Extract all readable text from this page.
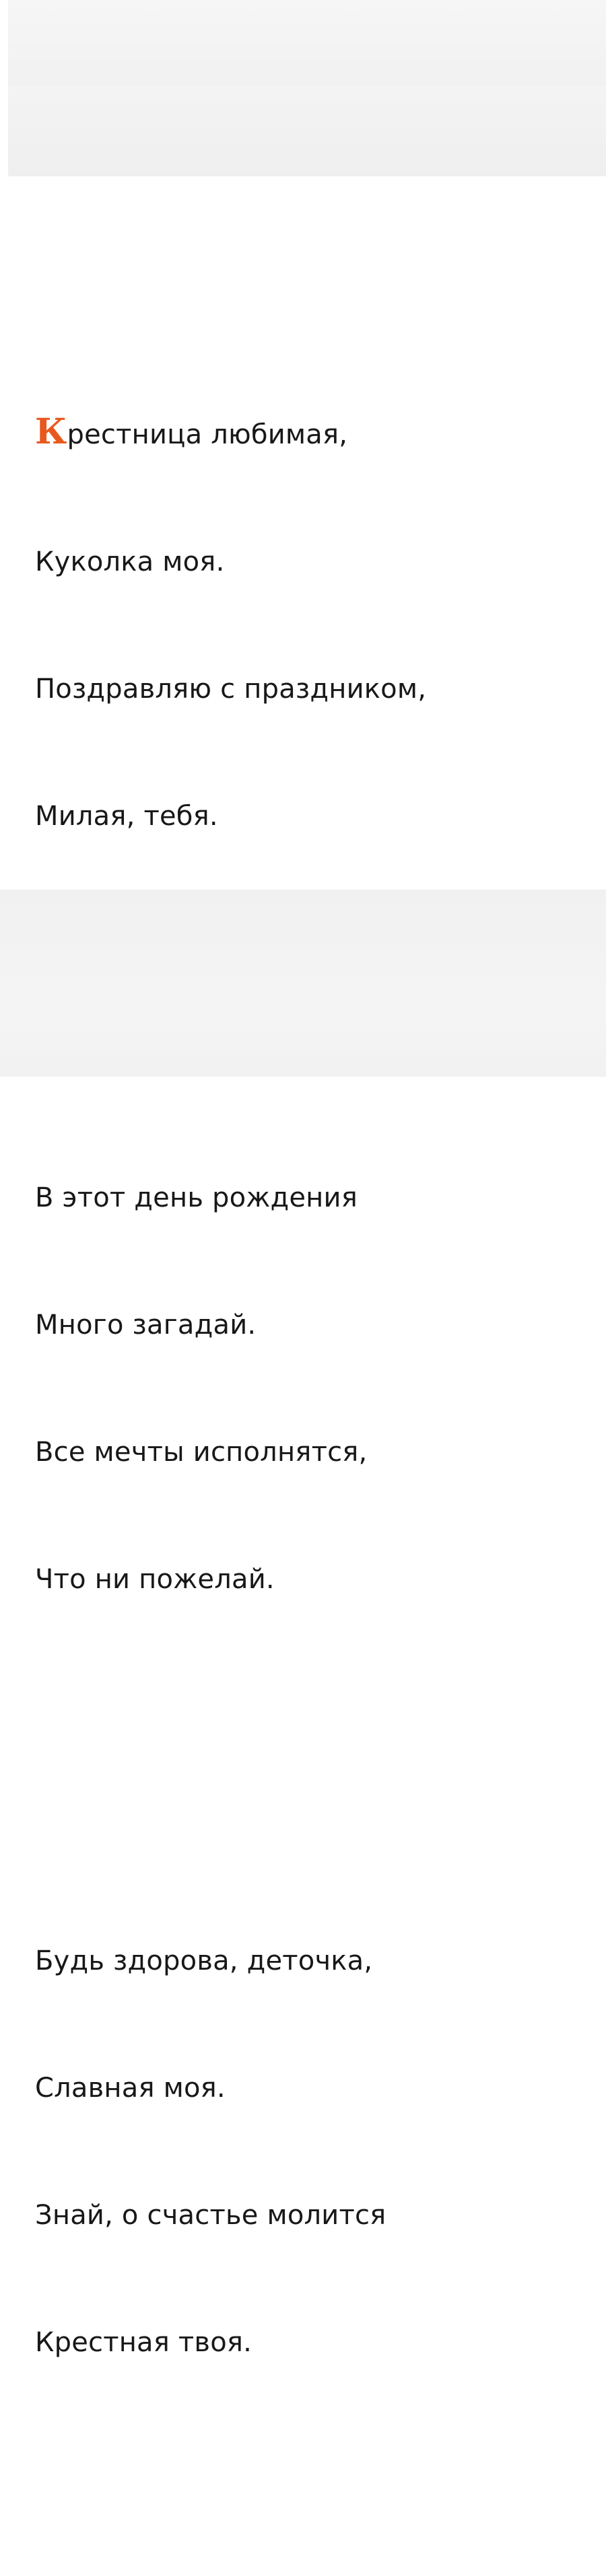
Крестница любимая,

Куколка моя.

Поздравляю с праздником,

Милая, тебя.

В этот день рождения

Много загадай.

Все мечты исполнятся,

Что ни пожелай.

Будь здорова, деточка,

Славная моя.

Знай, о счастье молится

Крестная твоя.
